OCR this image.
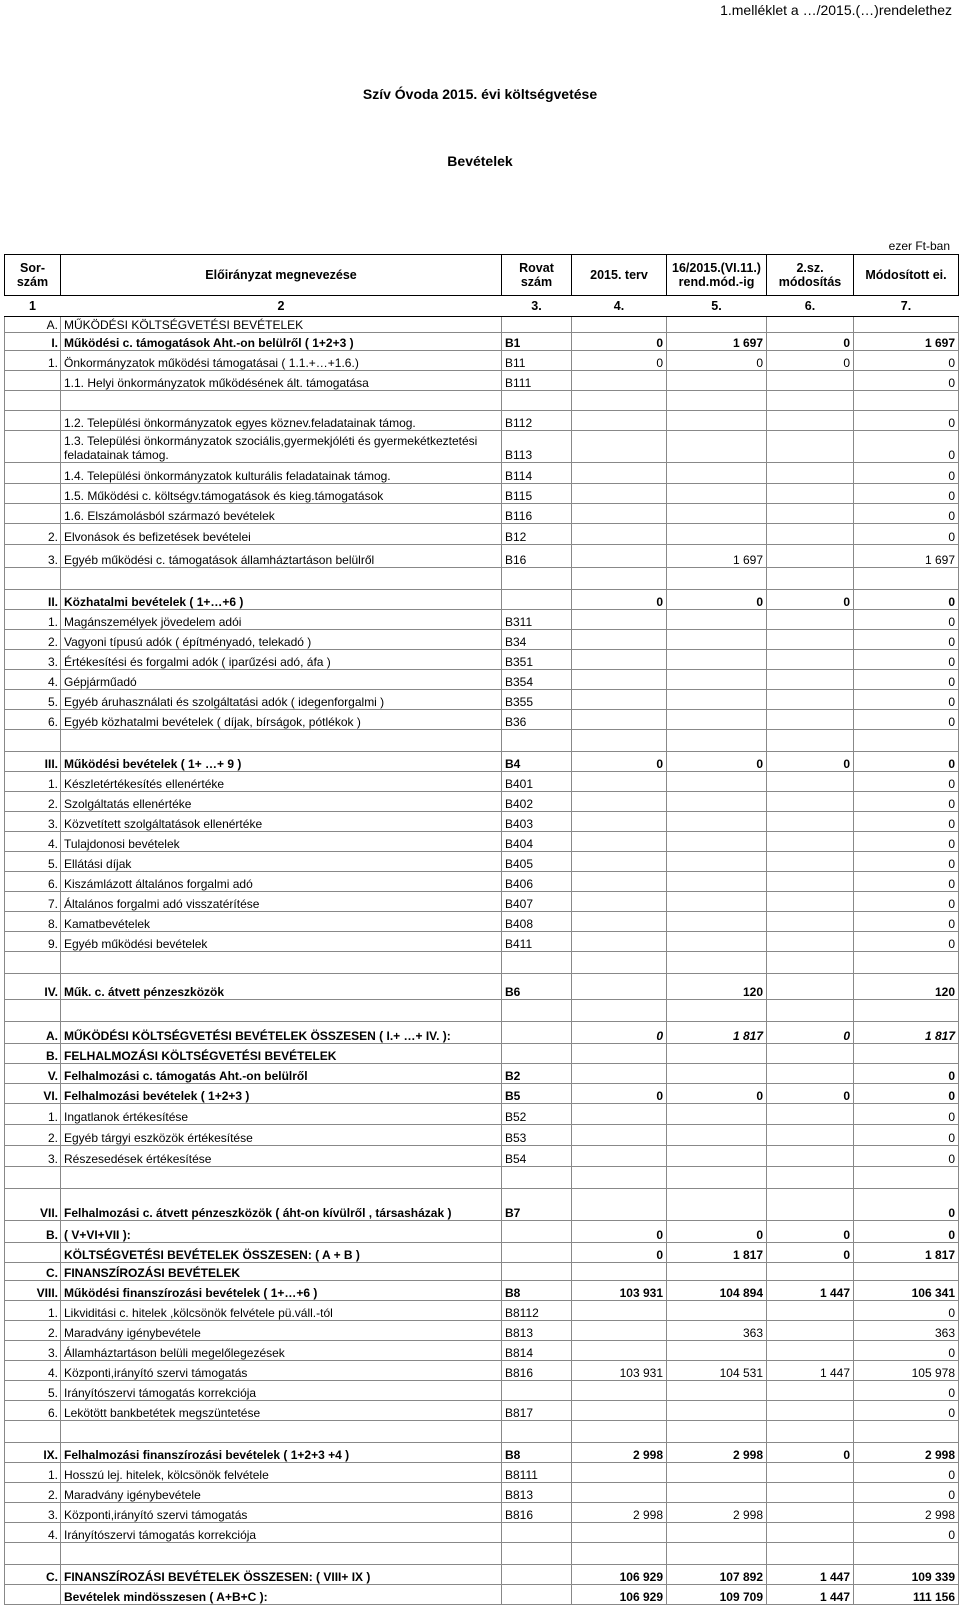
1.melléklet a …/2015.(…)rendelethez
Szív Óvoda 2015. évi költségvetése
Bevételek
ezer Ft-ban
Sor-szám	Előirányzat megnevezése	Rovat szám	2015. terv	16/2015.(VI.11.) rend.mód.-ig	2.sz. módosítás	Módosított ei.
1	2	3.	4.	5.	6.	7.
A.	MŰKÖDÉSI KÖLTSÉGVETÉSI BEVÉTELEK					
I.	Működési c. támogatások Aht.-on belülről ( 1+2+3 )	B1	0	1 697	0	1 697
1.	Önkormányzatok működési támogatásai ( 1.1.+…+1.6.)	B11	0	0	0	0
	1.1. Helyi önkormányzatok működésének ált. támogatása	B111				0

	1.2. Települési önkormányzatok egyes köznev.feladatainak támog.	B112				0
	1.3. Települési önkormányzatok szociális,gyermekjóléti és gyermekétkeztetési feladatainak támog.	B113				0
	1.4. Települési önkormányzatok kulturális feladatainak támog.	B114				0
	1.5. Működési c. költségv.támogatások és kieg.támogatások	B115				0
	1.6. Elszámolásból származó bevételek	B116				0
2.	Elvonások és befizetések bevételei	B12				0
3.	Egyéb működési c. támogatások államháztartáson belülről	B16		1 697		1 697

II.	Közhatalmi bevételek ( 1+…+6 )		0	0	0	0
1.	Magánszemélyek jövedelem adói	B311				0
2.	Vagyoni típusú adók ( építményadó, telekadó )	B34				0
3.	Értékesítési és forgalmi adók ( iparűzési adó, áfa )	B351				0
4.	Gépjárműadó	B354				0
5.	Egyéb áruhasználati és szolgáltatási adók ( idegenforgalmi )	B355				0
6.	Egyéb közhatalmi bevételek ( díjak, bírságok, pótlékok )	B36				0

III.	Működési bevételek ( 1+ …+ 9 )	B4	0	0	0	0
1.	Készletértékesítés ellenértéke	B401				0
2.	Szolgáltatás ellenértéke	B402				0
3.	Közvetített szolgáltatások ellenértéke	B403				0
4.	Tulajdonosi bevételek	B404				0
5.	Ellátási díjak	B405				0
6.	Kiszámlázott általános forgalmi adó	B406				0
7.	Általános forgalmi adó visszatérítése	B407				0
8.	Kamatbevételek	B408				0
9.	Egyéb működési bevételek	B411				0

IV.	Műk. c. átvett pénzeszközök	B6		120		120

A.	MŰKÖDÉSI KÖLTSÉGVETÉSI BEVÉTELEK ÖSSZESEN ( I.+ …+ IV. ):		0	1 817	0	1 817
B.	FELHALMOZÁSI KÖLTSÉGVETÉSI BEVÉTELEK					
V.	Felhalmozási c. támogatás Aht.-on belülről	B2				0
VI.	Felhalmozási bevételek ( 1+2+3 )	B5	0	0	0	0
1.	Ingatlanok értékesítése	B52				0
2.	Egyéb tárgyi eszközök értékesítése	B53				0
3.	Részesedések értékesítése	B54				0

VII.	Felhalmozási c. átvett pénzeszközök ( áht-on kívülről , társasházak )	B7				0
B.	( V+VI+VII ):		0	0	0	0
	KÖLTSÉGVETÉSI BEVÉTELEK ÖSSZESEN: ( A + B )		0	1 817	0	1 817
C.	FINANSZÍROZÁSI BEVÉTELEK					
VIII.	Működési finanszírozási bevételek ( 1+…+6 )	B8	103 931	104 894	1 447	106 341
1.	Likviditási c. hitelek ,kölcsönök felvétele pü.váll.-tól	B8112				0
2.	Maradvány igénybevétele	B813		363		363
3.	Államháztartáson belüli megelőlegezések	B814				0
4.	Központi,irányító szervi támogatás	B816	103 931	104 531	1 447	105 978
5.	Irányítószervi támogatás korrekciója					0
6.	Lekötött bankbetétek megszüntetése	B817				0

IX.	Felhalmozási finanszírozási bevételek ( 1+2+3 +4 )	B8	2 998	2 998	0	2 998
1.	Hosszú lej. hitelek, kölcsönök felvétele	B8111				0
2.	Maradvány igénybevétele	B813				0
3.	Központi,irányító szervi támogatás	B816	2 998	2 998		2 998
4.	Irányítószervi támogatás korrekciója					0

C.	FINANSZÍROZÁSI BEVÉTELEK ÖSSZESEN: ( VIII+ IX )		106 929	107 892	1 447	109 339
	Bevételek mindösszesen ( A+B+C ):		106 929	109 709	1 447	111 156
